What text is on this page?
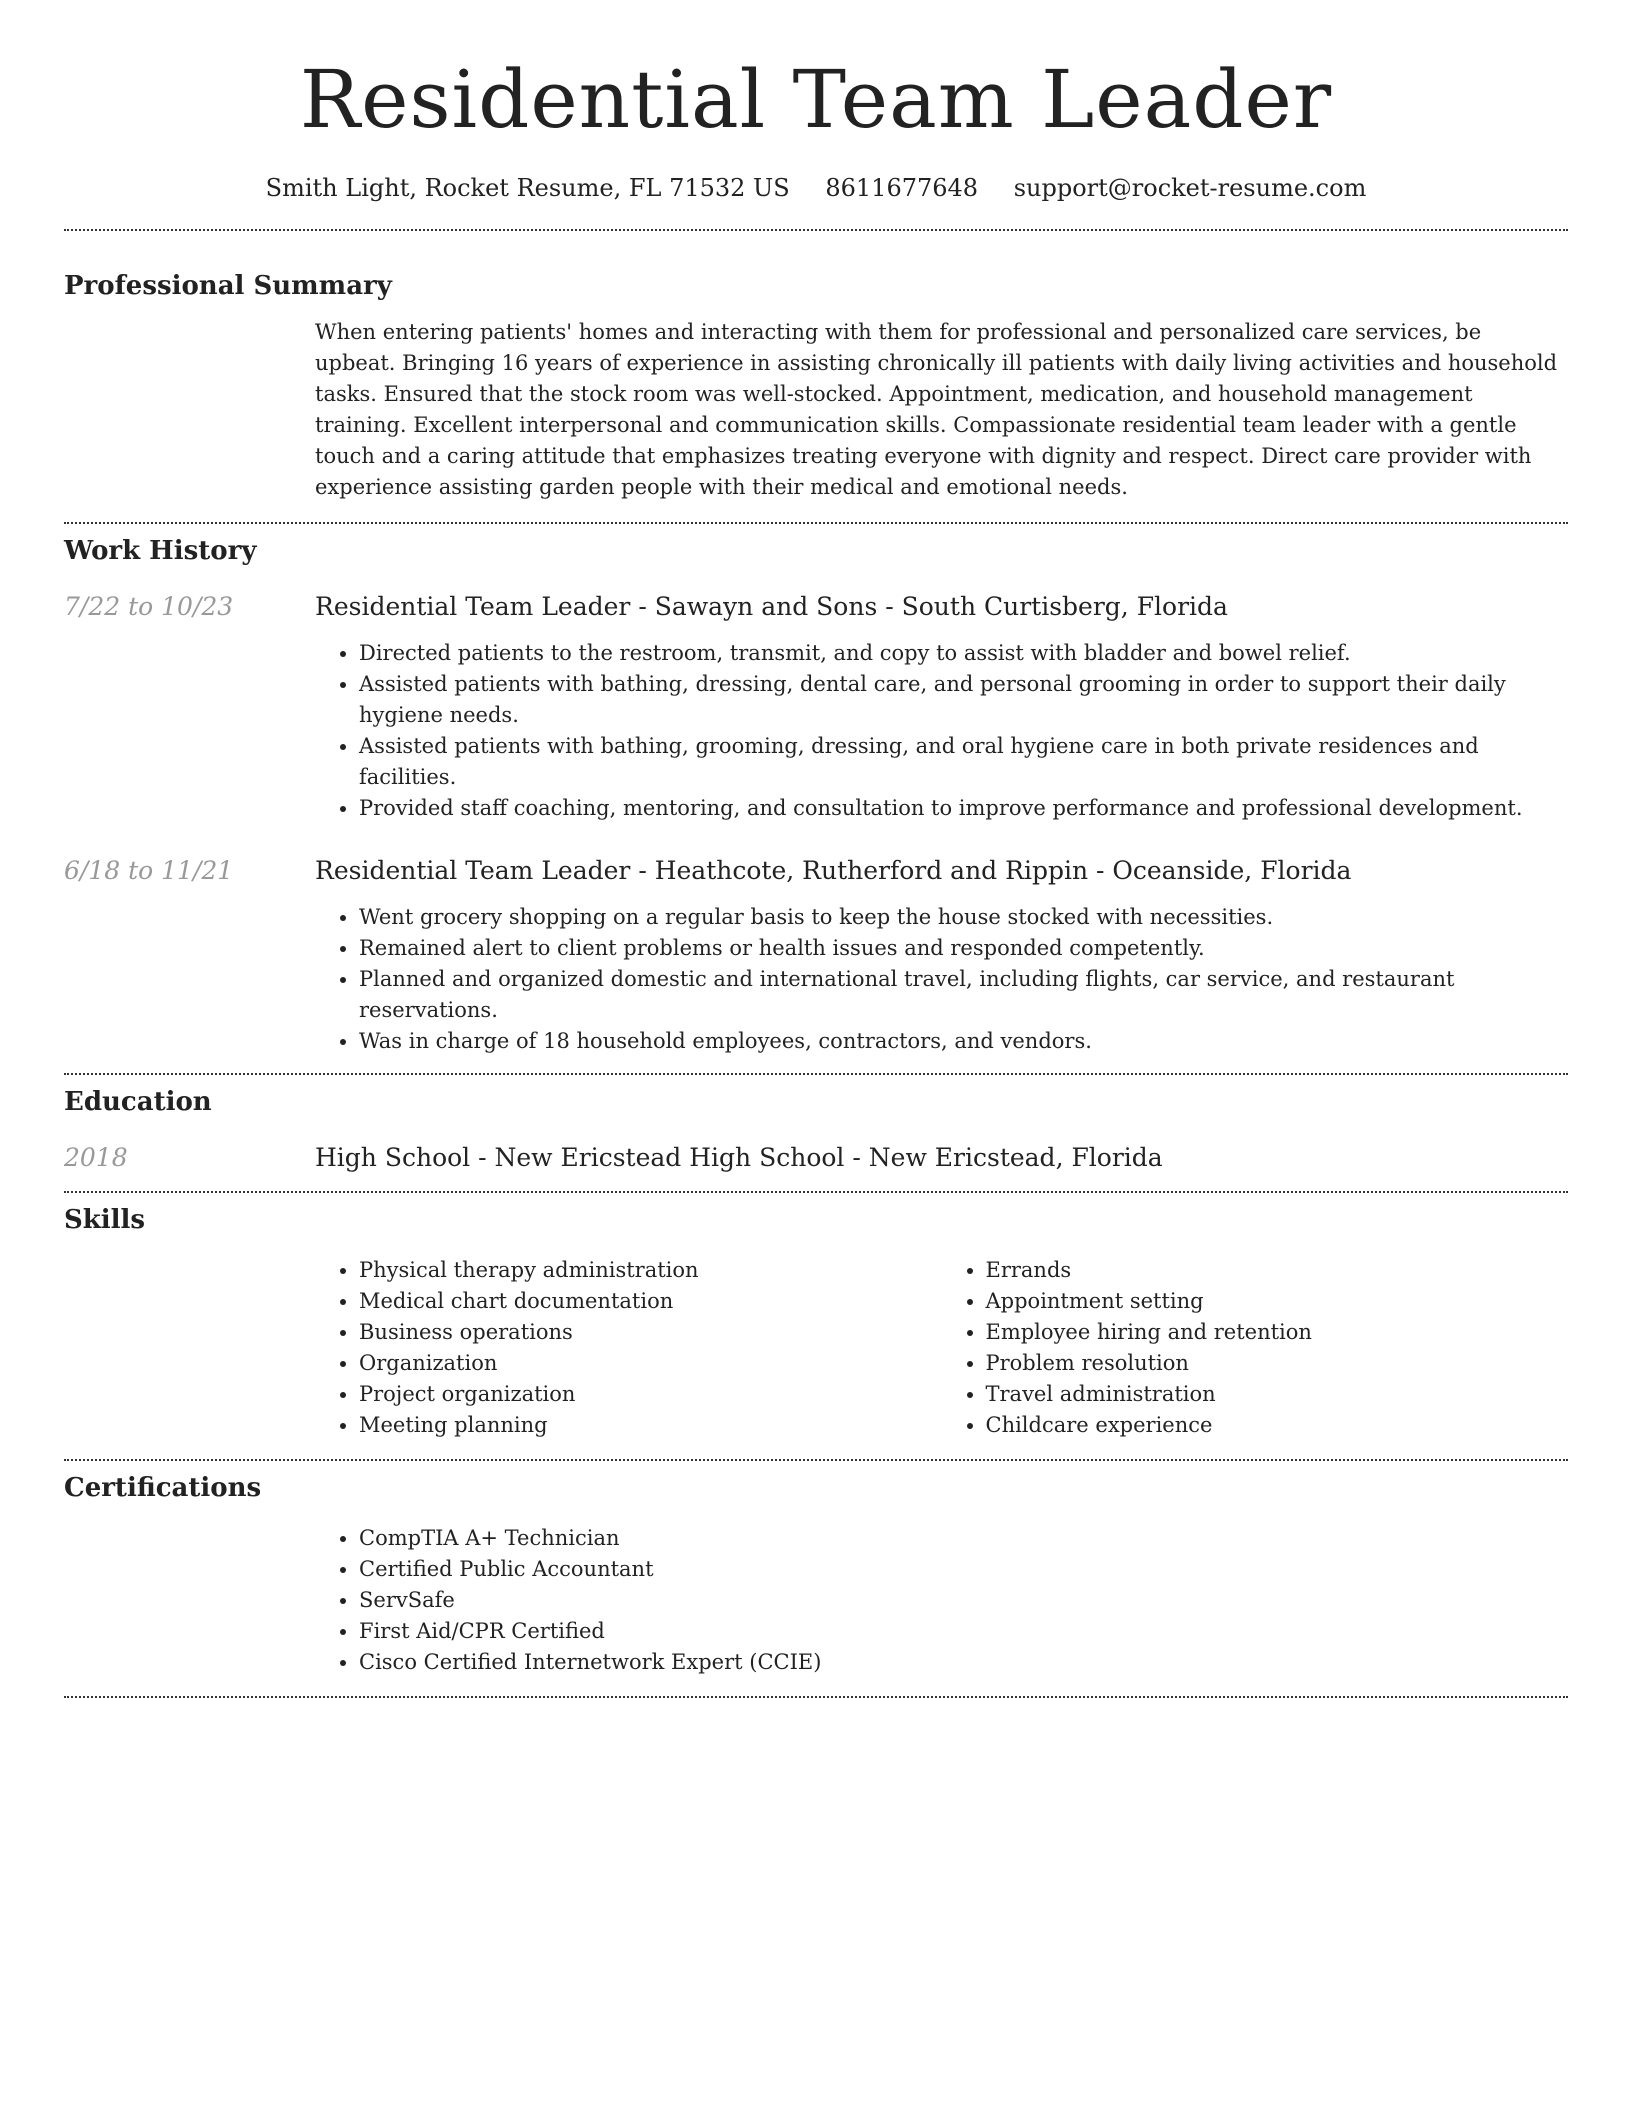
Residential Team Leader
Smith Light, Rocket Resume, FL 71532 US 8611677648 support@rocket-resume.com
Professional Summary

When entering patients' homes and interacting with them for professional and personalized care services, be upbeat. Bringing 16 years of experience in assisting chronically ill patients with daily living activities and household tasks. Ensured that the stock room was well-stocked. Appointment, medication, and household management training. Excellent interpersonal and communication skills. Compassionate residential team leader with a gentle touch and a caring attitude that emphasizes treating everyone with dignity and respect. Direct care provider with experience assisting garden people with their medical and emotional needs.

Work History
7/22 to 10/23	Residential Team Leader - Sawayn and Sons - South Curtisberg, Florida

• Directed patients to the restroom, transmit, and copy to assist with bladder and bowel relief.
• Assisted patients with bathing, dressing, dental care, and personal grooming in order to support their daily hygiene needs.
• Assisted patients with bathing, grooming, dressing, and oral hygiene care in both private residences and facilities.
• Provided staff coaching, mentoring, and consultation to improve performance and professional development.
6/18 to 11/21	Residential Team Leader - Heathcote, Rutherford and Rippin - Oceanside, Florida

• Went grocery shopping on a regular basis to keep the house stocked with necessities.
• Remained alert to client problems or health issues and responded competently.
• Planned and organized domestic and international travel, including flights, car service, and restaurant reservations.
• Was in charge of 18 household employees, contractors, and vendors.
Education
2018	High School - New Ericstead High School - New Ericstead, Florida

Skills
• Physical therapy administration
• Medical chart documentation
• Business operations
• Organization
• Project organization
• Meeting planning
• Errands
• Appointment setting
• Employee hiring and retention
• Problem resolution
• Travel administration
• Childcare experience
Certifications
• CompTIA A+ Technician
• Certified Public Accountant
• ServSafe
• First Aid/CPR Certified
• Cisco Certified Internetwork Expert (CCIE)
